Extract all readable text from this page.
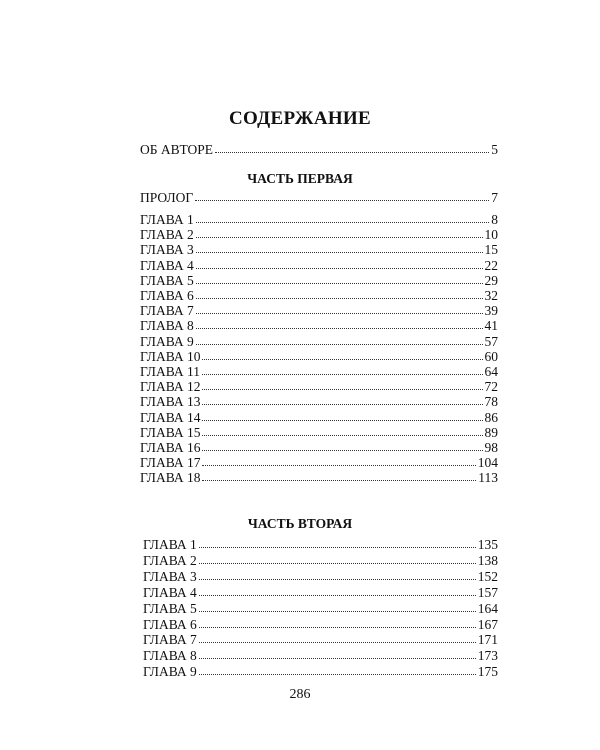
СОДЕРЖАНИЕ
ОБ АВТОРЕ	5
ЧАСТЬ ПЕРВАЯ
ПРОЛОГ	7
ГЛАВА 1	8
ГЛАВА 2	10
ГЛАВА 3	15
ГЛАВА 4	22
ГЛАВА 5	29
ГЛАВА 6	32
ГЛАВА 7	39
ГЛАВА 8	41
ГЛАВА 9	57
ГЛАВА 10	60
ГЛАВА 11	64
ГЛАВА 12	72
ГЛАВА 13	78
ГЛАВА 14	86
ГЛАВА 15	89
ГЛАВА 16	98
ГЛАВА 17	104
ГЛАВА 18	113
ЧАСТЬ ВТОРАЯ
ГЛАВА 1	135
ГЛАВА 2	138
ГЛАВА 3	152
ГЛАВА 4	157
ГЛАВА 5	164
ГЛАВА 6	167
ГЛАВА 7	171
ГЛАВА 8	173
ГЛАВА 9	175
286
